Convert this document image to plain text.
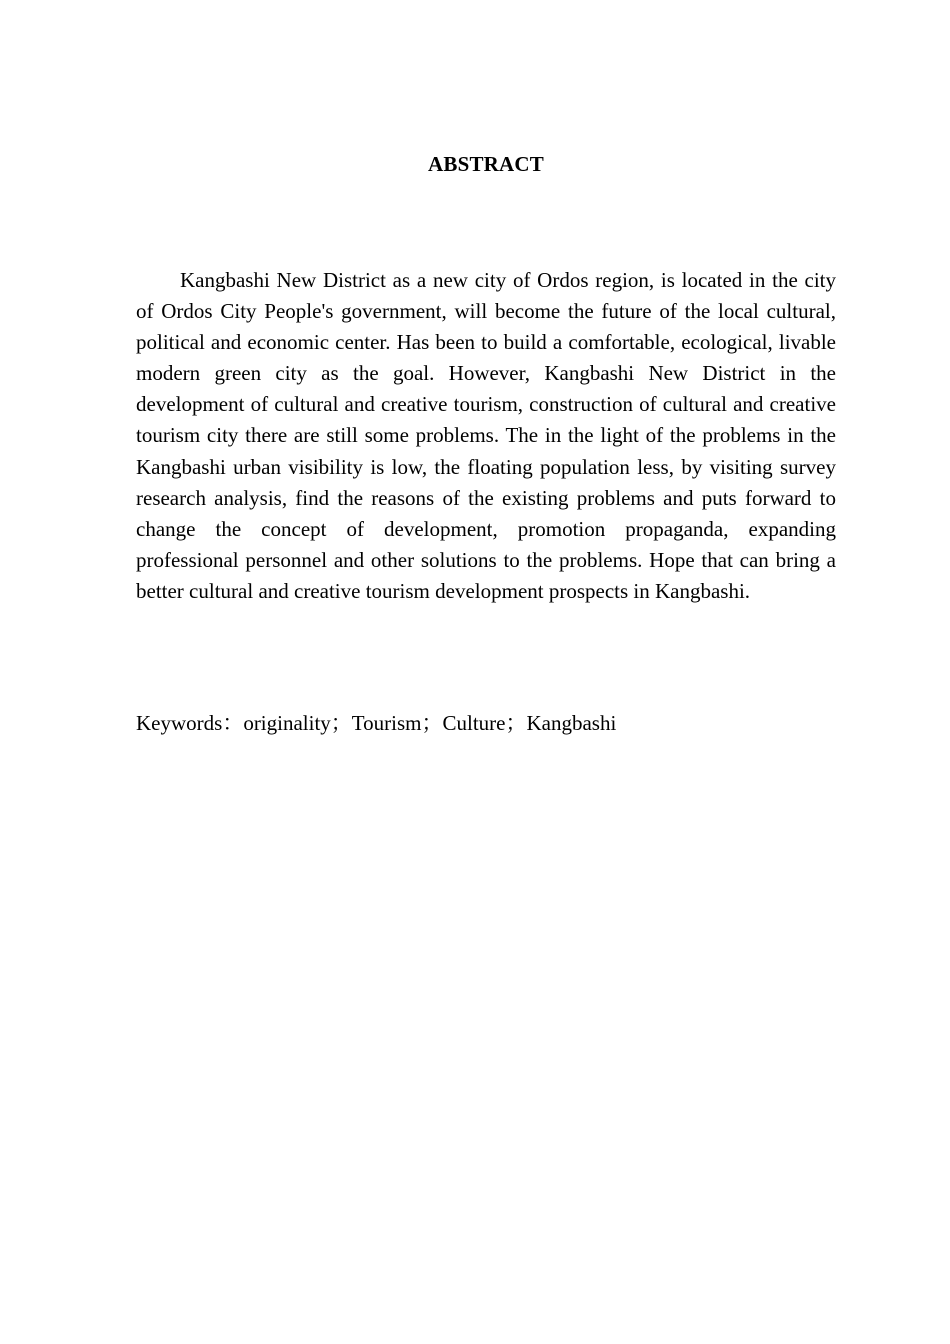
ABSTRACT

Kangbashi New District as a new city of Ordos region, is located in the city of Ordos City People's government, will become the future of the local cultural, political and economic center. Has been to build a comfortable, ecological, livable modern green city as the goal. However, Kangbashi New District in the development of cultural and creative tourism, construction of cultural and creative tourism city there are still some problems. The in the light of the problems in the Kangbashi urban visibility is low, the floating population less, by visiting survey research analysis, find the reasons of the existing problems and puts forward to change the concept of development, promotion propaganda, expanding professional personnel and other solutions to the problems. Hope that can bring a better cultural and creative tourism development prospects in Kangbashi.

Keywords：originality；Tourism；Culture；Kangbashi
